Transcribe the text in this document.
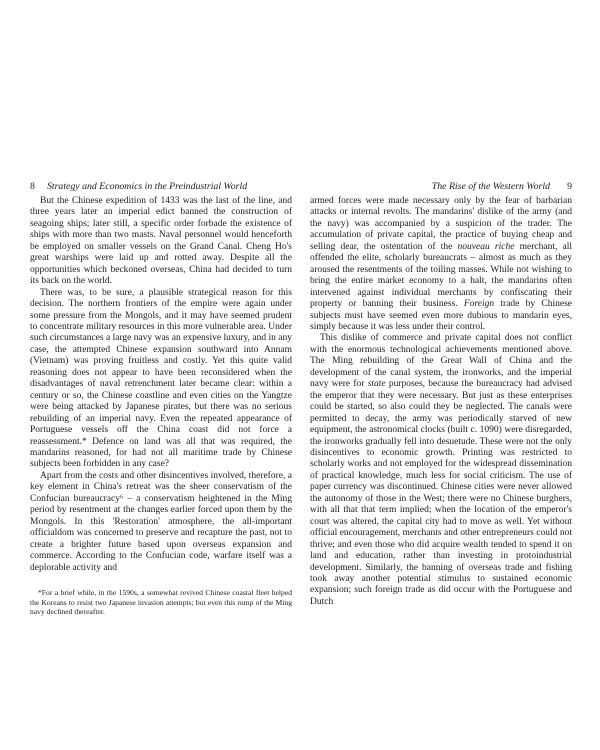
8 Strategy and Economics in the Preindustrial World

But the Chinese expedition of 1433 was the last of the line, and three years later an imperial edict banned the construction of seagoing ships; later still, a specific order forbade the existence of ships with more than two masts. Naval personnel would henceforth be employed on smaller vessels on the Grand Canal. Cheng Ho's great warships were laid up and rotted away. Despite all the opportunities which beckoned overseas, China had decided to turn its back on the world.

There was, to be sure, a plausible strategical reason for this decision. The northern frontiers of the empire were again under some pressure from the Mongols, and it may have seemed prudent to concentrate military resources in this more vulnerable area. Under such circumstances a large navy was an expensive luxury, and in any case, the attempted Chinese expansion southward into Annam (Vietnam) was proving fruitless and costly. Yet this quite valid reasoning does not appear to have been reconsidered when the disadvantages of naval retrenchment later became clear: within a century or so, the Chinese coastline and even cities on the Yangtze were being attacked by Japanese pirates, but there was no serious rebuilding of an imperial navy. Even the repeated appearance of Portuguese vessels off the China coast did not force a reassessment.* Defence on land was all that was required, the mandarins reasoned, for had not all maritime trade by Chinese subjects been forbidden in any case?

Apart from the costs and other disincentives involved, therefore, a key element in China's retreat was the sheer conservatism of the Confucian bureaucracy⁶ – a conservatism heightened in the Ming period by resentment at the changes earlier forced upon them by the Mongols. In this 'Restoration' atmosphere, the all-important officialdom was concerned to preserve and recapture the past, not to create a brighter future based upon overseas expansion and commerce. According to the Confucian code, warfare itself was a deplorable activity and

*For a brief while, in the 1590s, a somewhat revived Chinese coastal fleet helped the Koreans to resist two Japanese invasion attempts; but even this rump of the Ming navy declined thereafter.

The Rise of the Western World 9

armed forces were made necessary only by the fear of barbarian attacks or internal revolts. The mandarins' dislike of the army (and the navy) was accompanied by a suspicion of the trader. The accumulation of private capital, the practice of buying cheap and selling dear, the ostentation of the nouveau riche merchant, all offended the elite, scholarly bureaucrats – almost as much as they aroused the resentments of the toiling masses. While not wishing to bring the entire market economy to a halt, the mandarins often intervened against individual merchants by confiscating their property or banning their business. Foreign trade by Chinese subjects must have seemed even more dubious to mandarin eyes, simply because it was less under their control.

This dislike of commerce and private capital does not conflict with the enormous technological achievements mentioned above. The Ming rebuilding of the Great Wall of China and the development of the canal system, the ironworks, and the imperial navy were for state purposes, because the bureaucracy had advised the emperor that they were necessary. But just as these enterprises could be started, so also could they be neglected. The canals were permitted to decay, the army was periodically starved of new equipment, the astronomical clocks (built c. 1090) were disregarded, the ironworks gradually fell into desuetude. These were not the only disincentives to economic growth. Printing was restricted to scholarly works and not employed for the widespread dissemination of practical knowledge, much less for social criticism. The use of paper currency was discontinued. Chinese cities were never allowed the autonomy of those in the West; there were no Chinese burghers, with all that that term implied; when the location of the emperor's court was altered, the capital city had to move as well. Yet without official encouragement, merchants and other entrepreneurs could not thrive; and even those who did acquire wealth tended to spend it on land and education, rather than investing in protoindustrial development. Similarly, the banning of overseas trade and fishing took away another potential stimulus to sustained economic expansion; such foreign trade as did occur with the Portuguese and Dutch
